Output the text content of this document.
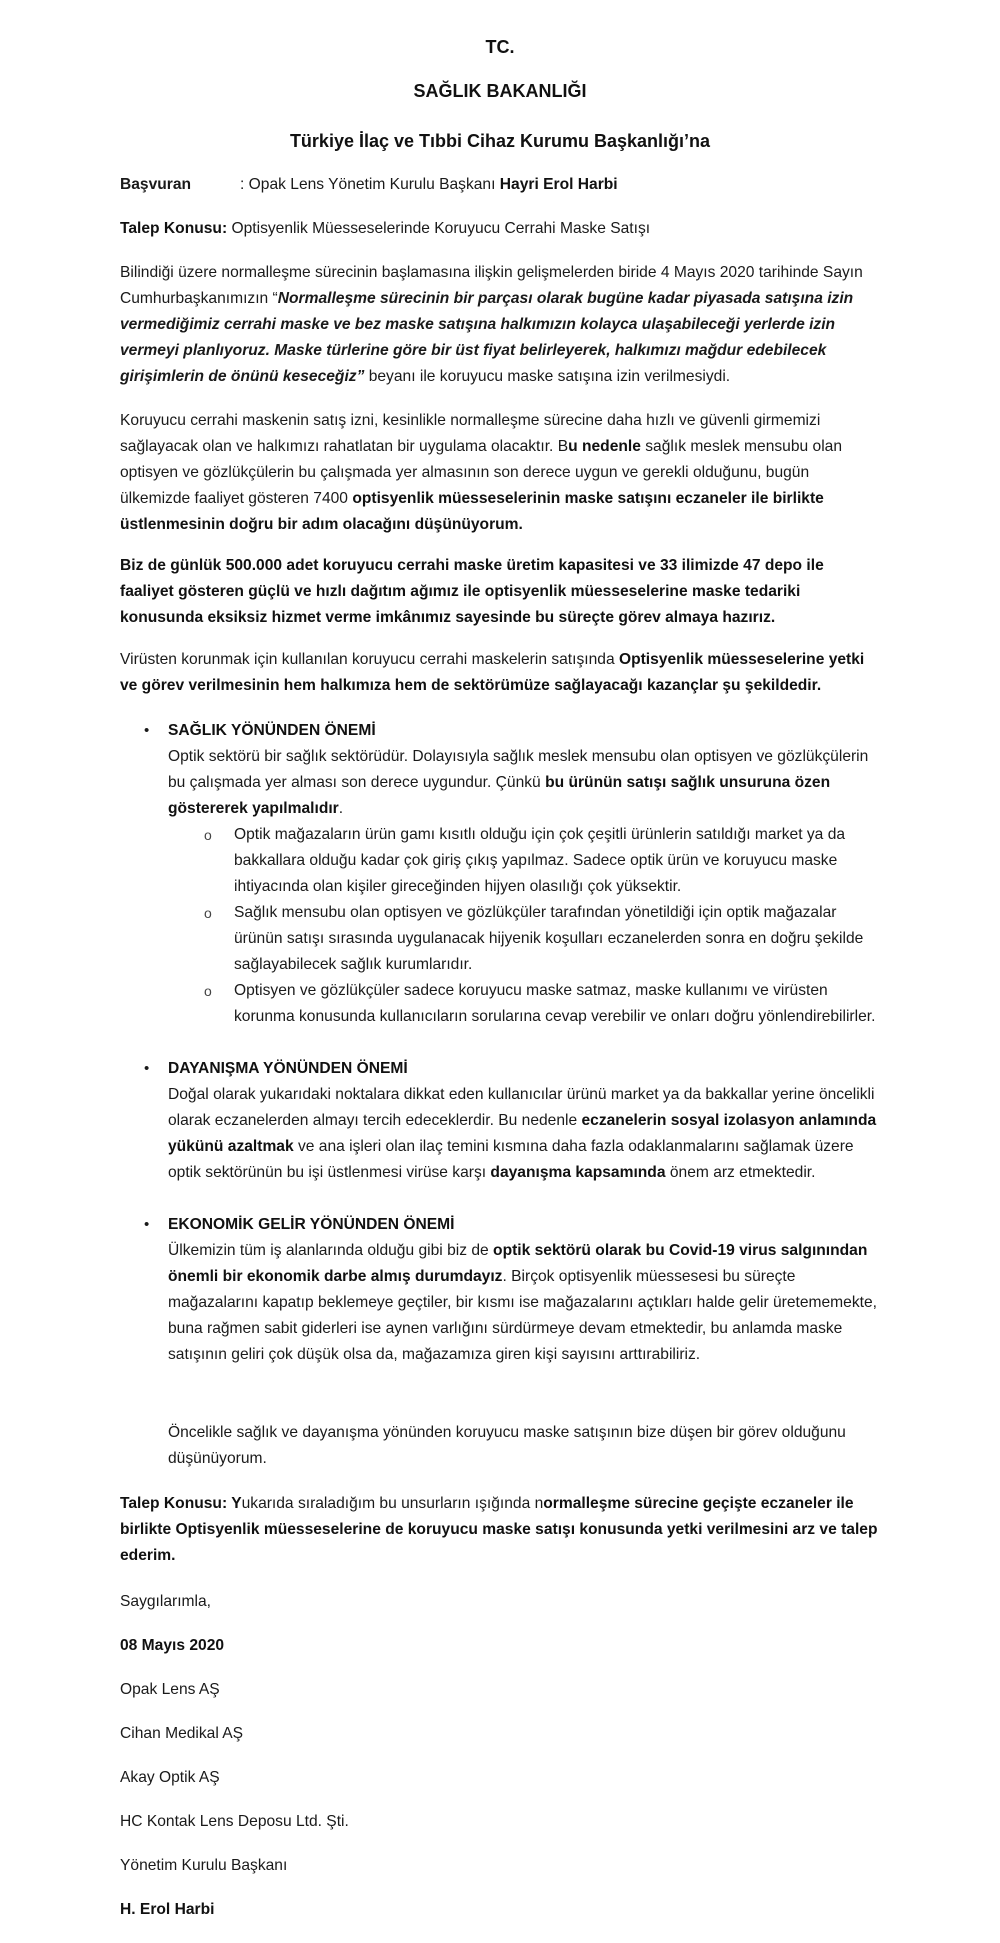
TC.
SAĞLIK BAKANLIĞI
Türkiye İlaç ve Tıbbi Cihaz Kurumu Başkanlığı’na
Başvuran	: Opak Lens Yönetim Kurulu Başkanı Hayri Erol Harbi
Talep Konusu: Optisyenlik Müesseselerinde Koruyucu Cerrahi Maske Satışı

Bilindiği üzere normalleşme sürecinin başlamasına ilişkin gelişmelerden biride 4 Mayıs 2020 tarihinde Sayın Cumhurbaşkanımızın “Normalleşme sürecinin bir parçası olarak bugüne kadar piyasada satışına izin vermediğimiz cerrahi maske ve bez maske satışına halkımızın kolayca ulaşabileceği yerlerde izin vermeyi planlıyoruz. Maske türlerine göre bir üst fiyat belirleyerek, halkımızı mağdur edebilecek girişimlerin de önünü keseceğiz” beyanı ile koruyucu maske satışına izin verilmesiydi.

Koruyucu cerrahi maskenin satış izni, kesinlikle normalleşme sürecine daha hızlı ve güvenli girmemizi sağlayacak olan ve halkımızı rahatlatan bir uygulama olacaktır. Bu nedenle sağlık meslek mensubu olan optisyen ve gözlükçülerin bu çalışmada yer almasının son derece uygun ve gerekli olduğunu, bugün ülkemizde faaliyet gösteren 7400 optisyenlik müesseselerinin maske satışını eczaneler ile birlikte üstlenmesinin doğru bir adım olacağını düşünüyorum.

Biz de günlük 500.000 adet koruyucu cerrahi maske üretim kapasitesi ve 33 ilimizde 47 depo ile faaliyet gösteren güçlü ve hızlı dağıtım ağımız ile optisyenlik müesseselerine maske tedariki konusunda eksiksiz hizmet verme imkânımız sayesinde bu süreçte görev almaya hazırız.

Virüsten korunmak için kullanılan koruyucu cerrahi maskelerin satışında Optisyenlik müesseselerine yetki ve görev verilmesinin hem halkımıza hem de sektörümüze sağlayacağı kazançlar şu şekildedir.

• SAĞLIK YÖNÜNDEN ÖNEMİ

Optik sektörü bir sağlık sektörüdür. Dolayısıyla sağlık meslek mensubu olan optisyen ve gözlükçülerin bu çalışmada yer alması son derece uygundur. Çünkü bu ürünün satışı sağlık unsuruna özen göstererek yapılmalıdır.

o Optik mağazaların ürün gamı kısıtlı olduğu için çok çeşitli ürünlerin satıldığı market ya da bakkallara olduğu kadar çok giriş çıkış yapılmaz. Sadece optik ürün ve koruyucu maske ihtiyacında olan kişiler gireceğinden hijyen olasılığı çok yüksektir.
o Sağlık mensubu olan optisyen ve gözlükçüler tarafından yönetildiği için optik mağazalar ürünün satışı sırasında uygulanacak hijyenik koşulları eczanelerden sonra en doğru şekilde sağlayabilecek sağlık kurumlarıdır.
o Optisyen ve gözlükçüler sadece koruyucu maske satmaz, maske kullanımı ve virüsten korunma konusunda kullanıcıların sorularına cevap verebilir ve onları doğru yönlendirebilirler.
• DAYANIŞMA YÖNÜNDEN ÖNEMİ

Doğal olarak yukarıdaki noktalara dikkat eden kullanıcılar ürünü market ya da bakkallar yerine öncelikli olarak eczanelerden almayı tercih edeceklerdir. Bu nedenle eczanelerin sosyal izolasyon anlamında yükünü azaltmak ve ana işleri olan ilaç temini kısmına daha fazla odaklanmalarını sağlamak üzere optik sektörünün bu işi üstlenmesi virüse karşı dayanışma kapsamında önem arz etmektedir.

• EKONOMİK GELİR YÖNÜNDEN ÖNEMİ

Ülkemizin tüm iş alanlarında olduğu gibi biz de optik sektörü olarak bu Covid-19 virus salgınından önemli bir ekonomik darbe almış durumdayız. Birçok optisyenlik müessesesi bu süreçte mağazalarını kapatıp beklemeye geçtiler, bir kısmı ise mağazalarını açtıkları halde gelir üretememekte, buna rağmen sabit giderleri ise aynen varlığını sürdürmeye devam etmektedir, bu anlamda maske satışının geliri çok düşük olsa da, mağazamıza giren kişi sayısını arttırabiliriz.

Öncelikle sağlık ve dayanışma yönünden koruyucu maske satışının bize düşen bir görev olduğunu düşünüyorum.

Talep Konusu: Yukarıda sıraladığım bu unsurların ışığında normalleşme sürecine geçişte eczaneler ile birlikte Optisyenlik müesseselerine de koruyucu maske satışı konusunda yetki verilmesini arz ve talep ederim.

Saygılarımla,
08 Mayıs 2020
Opak Lens AŞ
Cihan Medikal AŞ
Akay Optik AŞ
HC Kontak Lens Deposu Ltd. Şti.
Yönetim Kurulu Başkanı
H. Erol Harbi
